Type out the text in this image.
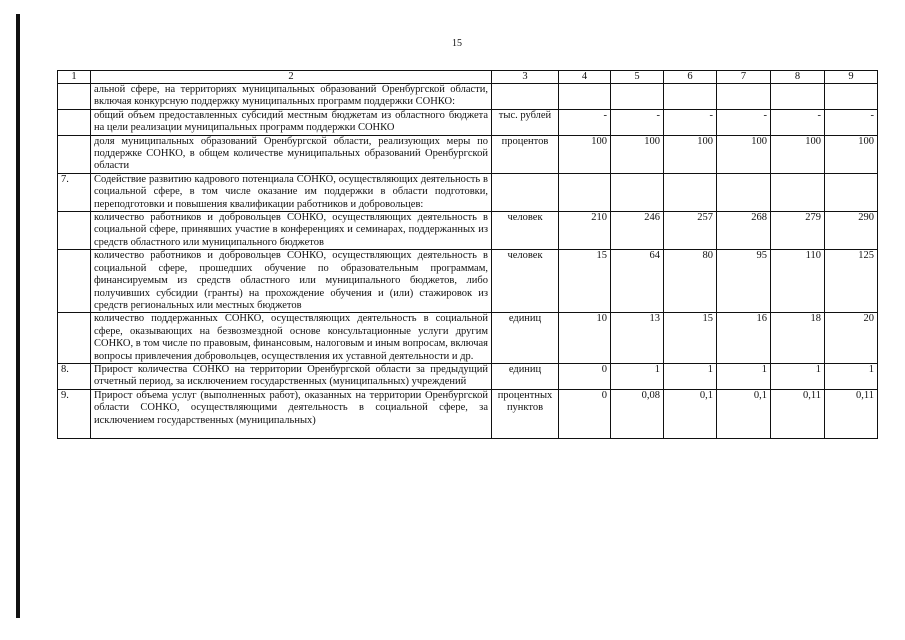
15
1	2	3	4	5	6	7	8	9
	альной сфере, на территориях муниципальных образований Оренбургской области, включая конкурсную поддержку муниципальных программ поддержки СОНКО:							
	общий объем предоставленных субсидий местным бюджетам из областного бюджета на цели реализации муниципальных программ поддержки СОНКО	тыс. рублей	-	-	-	-	-	-
	доля муниципальных образований Оренбургской области, реализующих меры по поддержке СОНКО, в общем количестве муниципальных образований Оренбургской области	процентов	100	100	100	100	100	100
7.	Содействие развитию кадрового потенциала СОНКО, осуществляющих деятельность в социальной сфере, в том числе оказание им поддержки в области подготовки, переподготовки и повышения квалификации работников и добровольцев:							
	количество работников и добровольцев СОНКО, осуществляющих деятельность в социальной сфере, принявших участие в конференциях и семинарах, поддержанных из средств областного или муниципального бюджетов	человек	210	246	257	268	279	290
	количество работников и добровольцев СОНКО, осуществляющих деятельность в социальной сфере, прошедших обучение по образовательным программам, финансируемым из средств областного или муниципального бюджетов, либо получивших субсидии (гранты) на прохождение обучения и (или) стажировок из средств региональных или местных бюджетов	человек	15	64	80	95	110	125
	количество поддержанных СОНКО, осуществляющих деятельность в социальной сфере, оказывающих на безвозмездной основе консультационные услуги другим СОНКО, в том числе по правовым, финансовым, налоговым и иным вопросам, включая вопросы привлечения добровольцев, осуществления их уставной деятельности и др.	единиц	10	13	15	16	18	20
8.	Прирост количества СОНКО на территории Оренбургской области за предыдущий отчетный период, за исключением государственных (муниципальных) учреждений	единиц	0	1	1	1	1	1
9.	Прирост объема услуг (выполненных работ), оказанных на территории Оренбургской области СОНКО, осуществляющими деятельность в социальной сфере, за исключением государственных (муниципальных)	процентных пунктов	0	0,08	0,1	0,1	0,11	0,11
